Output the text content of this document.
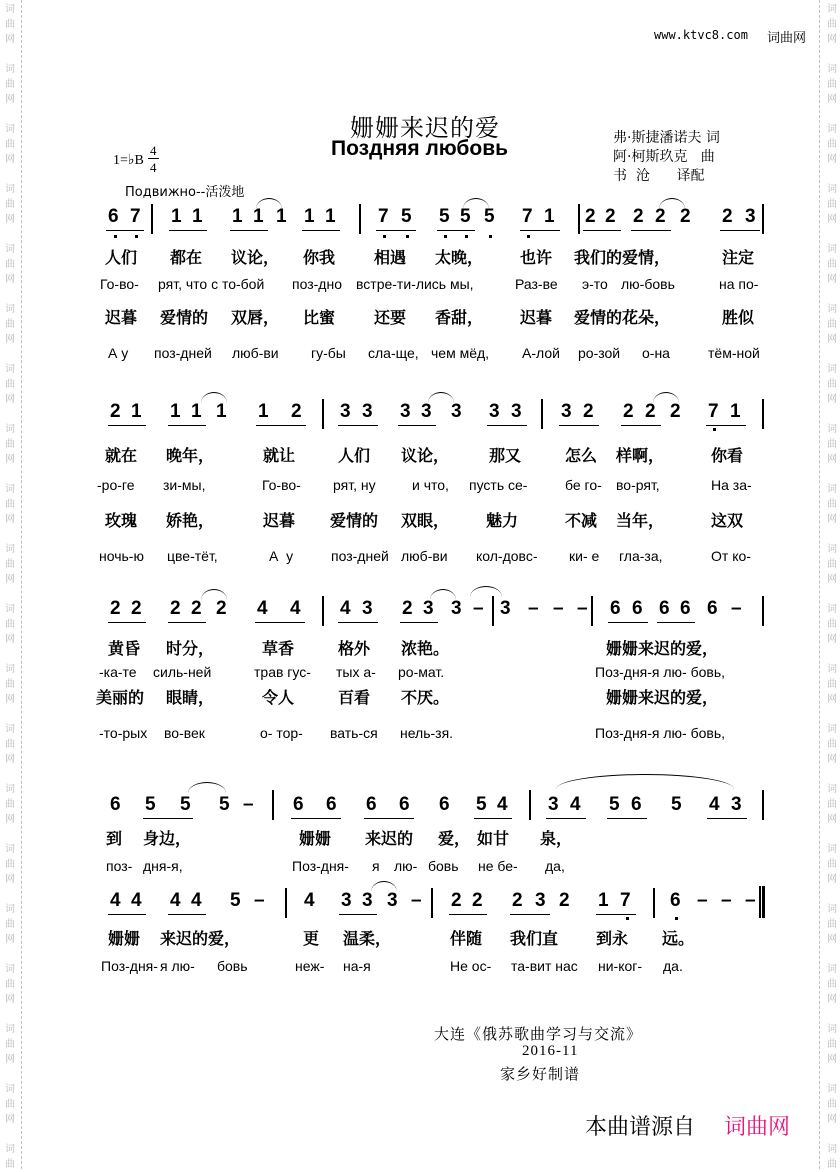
词
曲
网
词
曲
网
词
曲
网
词
曲
网
词
曲
网
词
曲
网
词
曲
网
词
曲
网
词
曲
网
词
曲
网
词
曲
网
词
曲
网
词
曲
网
词
曲
网
词
曲
网
词
曲
网
词
曲
网
词
曲
网
词
曲
网
词
曲
词
曲
网
词
曲
网
词
曲
网
词
曲
网
词
曲
网
词
曲
网
词
曲
网
词
曲
网
词
曲
网
词
曲
网
词
曲
网
词
曲
网
词
曲
网
词
曲
网
词
曲
网
词
曲
网
词
曲
网
词
曲
网
词
曲
网
词
曲
www.ktvc8.com 词曲网
姗姗来迟的爱
Поздняя любовь	弗·斯捷潘诺夫 词
阿·柯斯玖克   曲
书  沧      译配
1=♭B
4
4
Подвижно--活泼地
6 7 1 1 1 1 1 1 1 7 5 5 5 5 7 1 2 2 2 2 2 2 3
人们 都在 议论， 你我 相遇 太晚， 也许 我们的爱情，	注定
Го-во- рят, что с то-бой поз-дно встре-ти-лись мы,	Раз-ве э-то лю-бовь	на по-
迟暮 爱情的 双唇， 比蜜 还要 香甜， 迟暮 爱情的花朵，	胜似
А у поз-дней люб-ви гу-бы сла-ще, чем мёд, А-лой ро-зой о-на	тём-ной
2 1 1 1 1 1 2 3 3 3 3 3 3 3 3 2 2 2 2 7 1
就在 晚年，	就让	人们 议论， 那又	怎么 样啊，	你看
-ро-ге зи-мы,	Го-во- рят, ну	и что, пусть се-	бе го- во-рят,	На за-
玫瑰 娇艳，	迟暮 爱情的 双眼， 魅力	不减 当年，	这双
ночь-ю цве-тёт,	А  у	поз-дней люб-ви кол-довс- ки- е гла-за,	От ко-
2 2 2 2 2 4 4 4 3 2 3 3 – 3 – – – 6 6 6 6 6 –
黄昏 时分，	草香	格外 浓艳。	姗姗来迟的爱，
-ка-те силь-ней	трав гус- тых а- ро-мат.	Поз-дня-я лю- бовь,
美丽的 眼睛，	令人	百看 不厌。	姗姗来迟的爱，
-то-рых во-век	о- тор- вать-ся нель-зя.	Поз-дня-я лю- бовь,
6 5 5 5 – 6 6 6 6 6 5 4 3 4 5 6 5 4 3
到 身边，	姗姗 来迟的 爱， 如甘 泉，
поз- дня-я,	Поз-дня- я лю- бовь не бе- да,
4 4 4 4 5 – 4 3 3 3 – 2 2 2 3 2 1 7 6 – – –
姗姗 来迟的爱，	更 温柔，	伴随 我们直 到永 远。
Поз-дня- я лю- бовь	неж- на-я	Не ос- та-вит нас ни-ког- да.
大连《俄苏歌曲学习与交流》
2016-11
家乡好制谱
本曲谱源自 词曲网
